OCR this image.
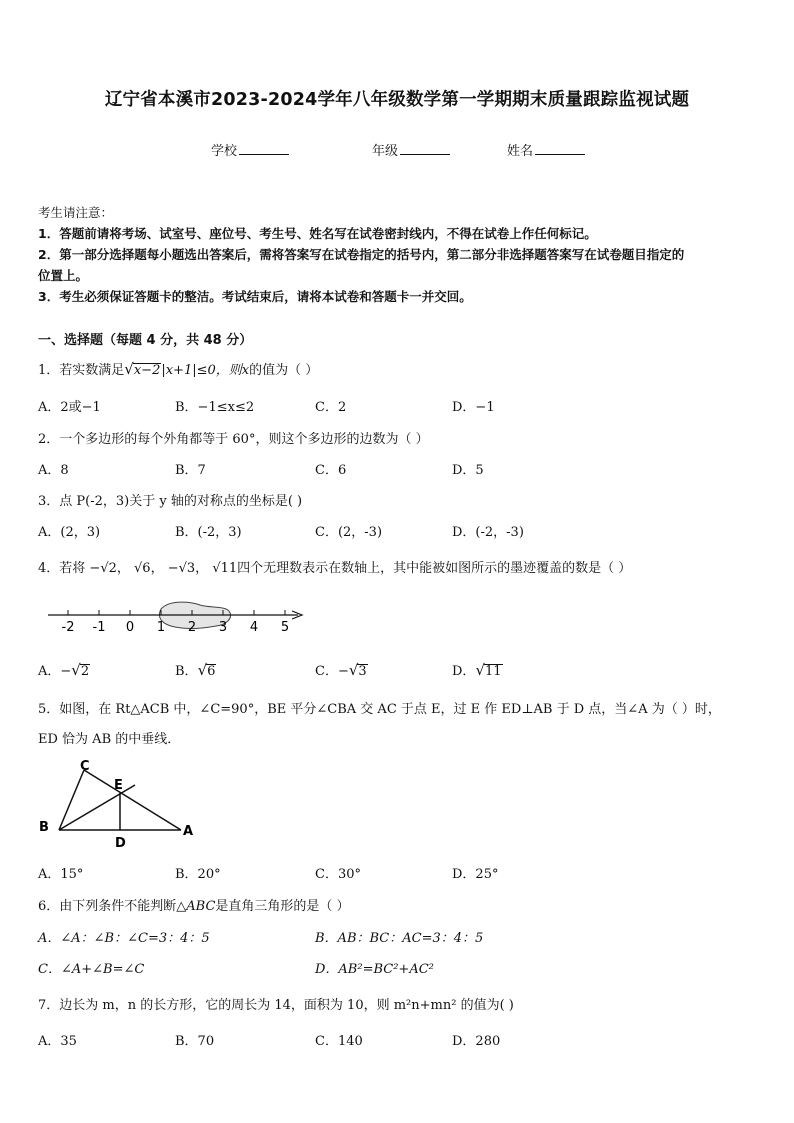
辽宁省本溪市2023-2024学年八年级数学第一学期期末质量跟踪监视试题
学校	年级	姓名
考生请注意：
1．答题前请将考场、试室号、座位号、考生号、姓名写在试卷密封线内，不得在试卷上作任何标记。
2．第一部分选择题每小题选出答案后，需将答案写在试卷指定的括号内，第二部分非选择题答案写在试卷题目指定的
位置上。
3．考生必须保证答题卡的整洁。考试结束后，请将本试卷和答题卡一并交回。
一、选择题（每题 4 分，共 48 分）
1．若实数满足√x−2|x+1|≤0，则x的值为（ ）
A．2或−1	B．−1≤x≤2	C．2	D．−1
2．一个多边形的每个外角都等于 60°，则这个多边形的边数为（ ）
A．8	B．7	C．6	D．5
3．点 P(-2，3)关于 y 轴的对称点的坐标是( )
A．(2，3)	B．(-2，3)	C．(2，-3)	D．(-2，-3)
4．若将 −√2， √6， −√3， √11四个无理数表示在数轴上，其中能被如图所示的墨迹覆盖的数是（ ）
-2 -1 0 1 2 3 4 5
A．−√2	B．√6	C．−√3	D．√11
5．如图，在 Rt△ACB 中，∠C=90°，BE 平分∠CBA 交 AC 于点 E，过 E 作 ED⊥AB 于 D 点，当∠A 为（ ）时，
ED 恰为 AB 的中垂线．
C
E
B	A
D
A．15°	B．20°	C．30°	D．25°
6．由下列条件不能判断△ABC是直角三角形的是（ ）
A．∠A：∠B：∠C=3：4：5	B．AB：BC：AC=3：4：5
C．∠A+∠B=∠C	D．AB²=BC²+AC²
7．边长为 m，n 的长方形，它的周长为 14，面积为 10，则 m²n+mn² 的值为( )
A．35	B．70	C．140	D．280
